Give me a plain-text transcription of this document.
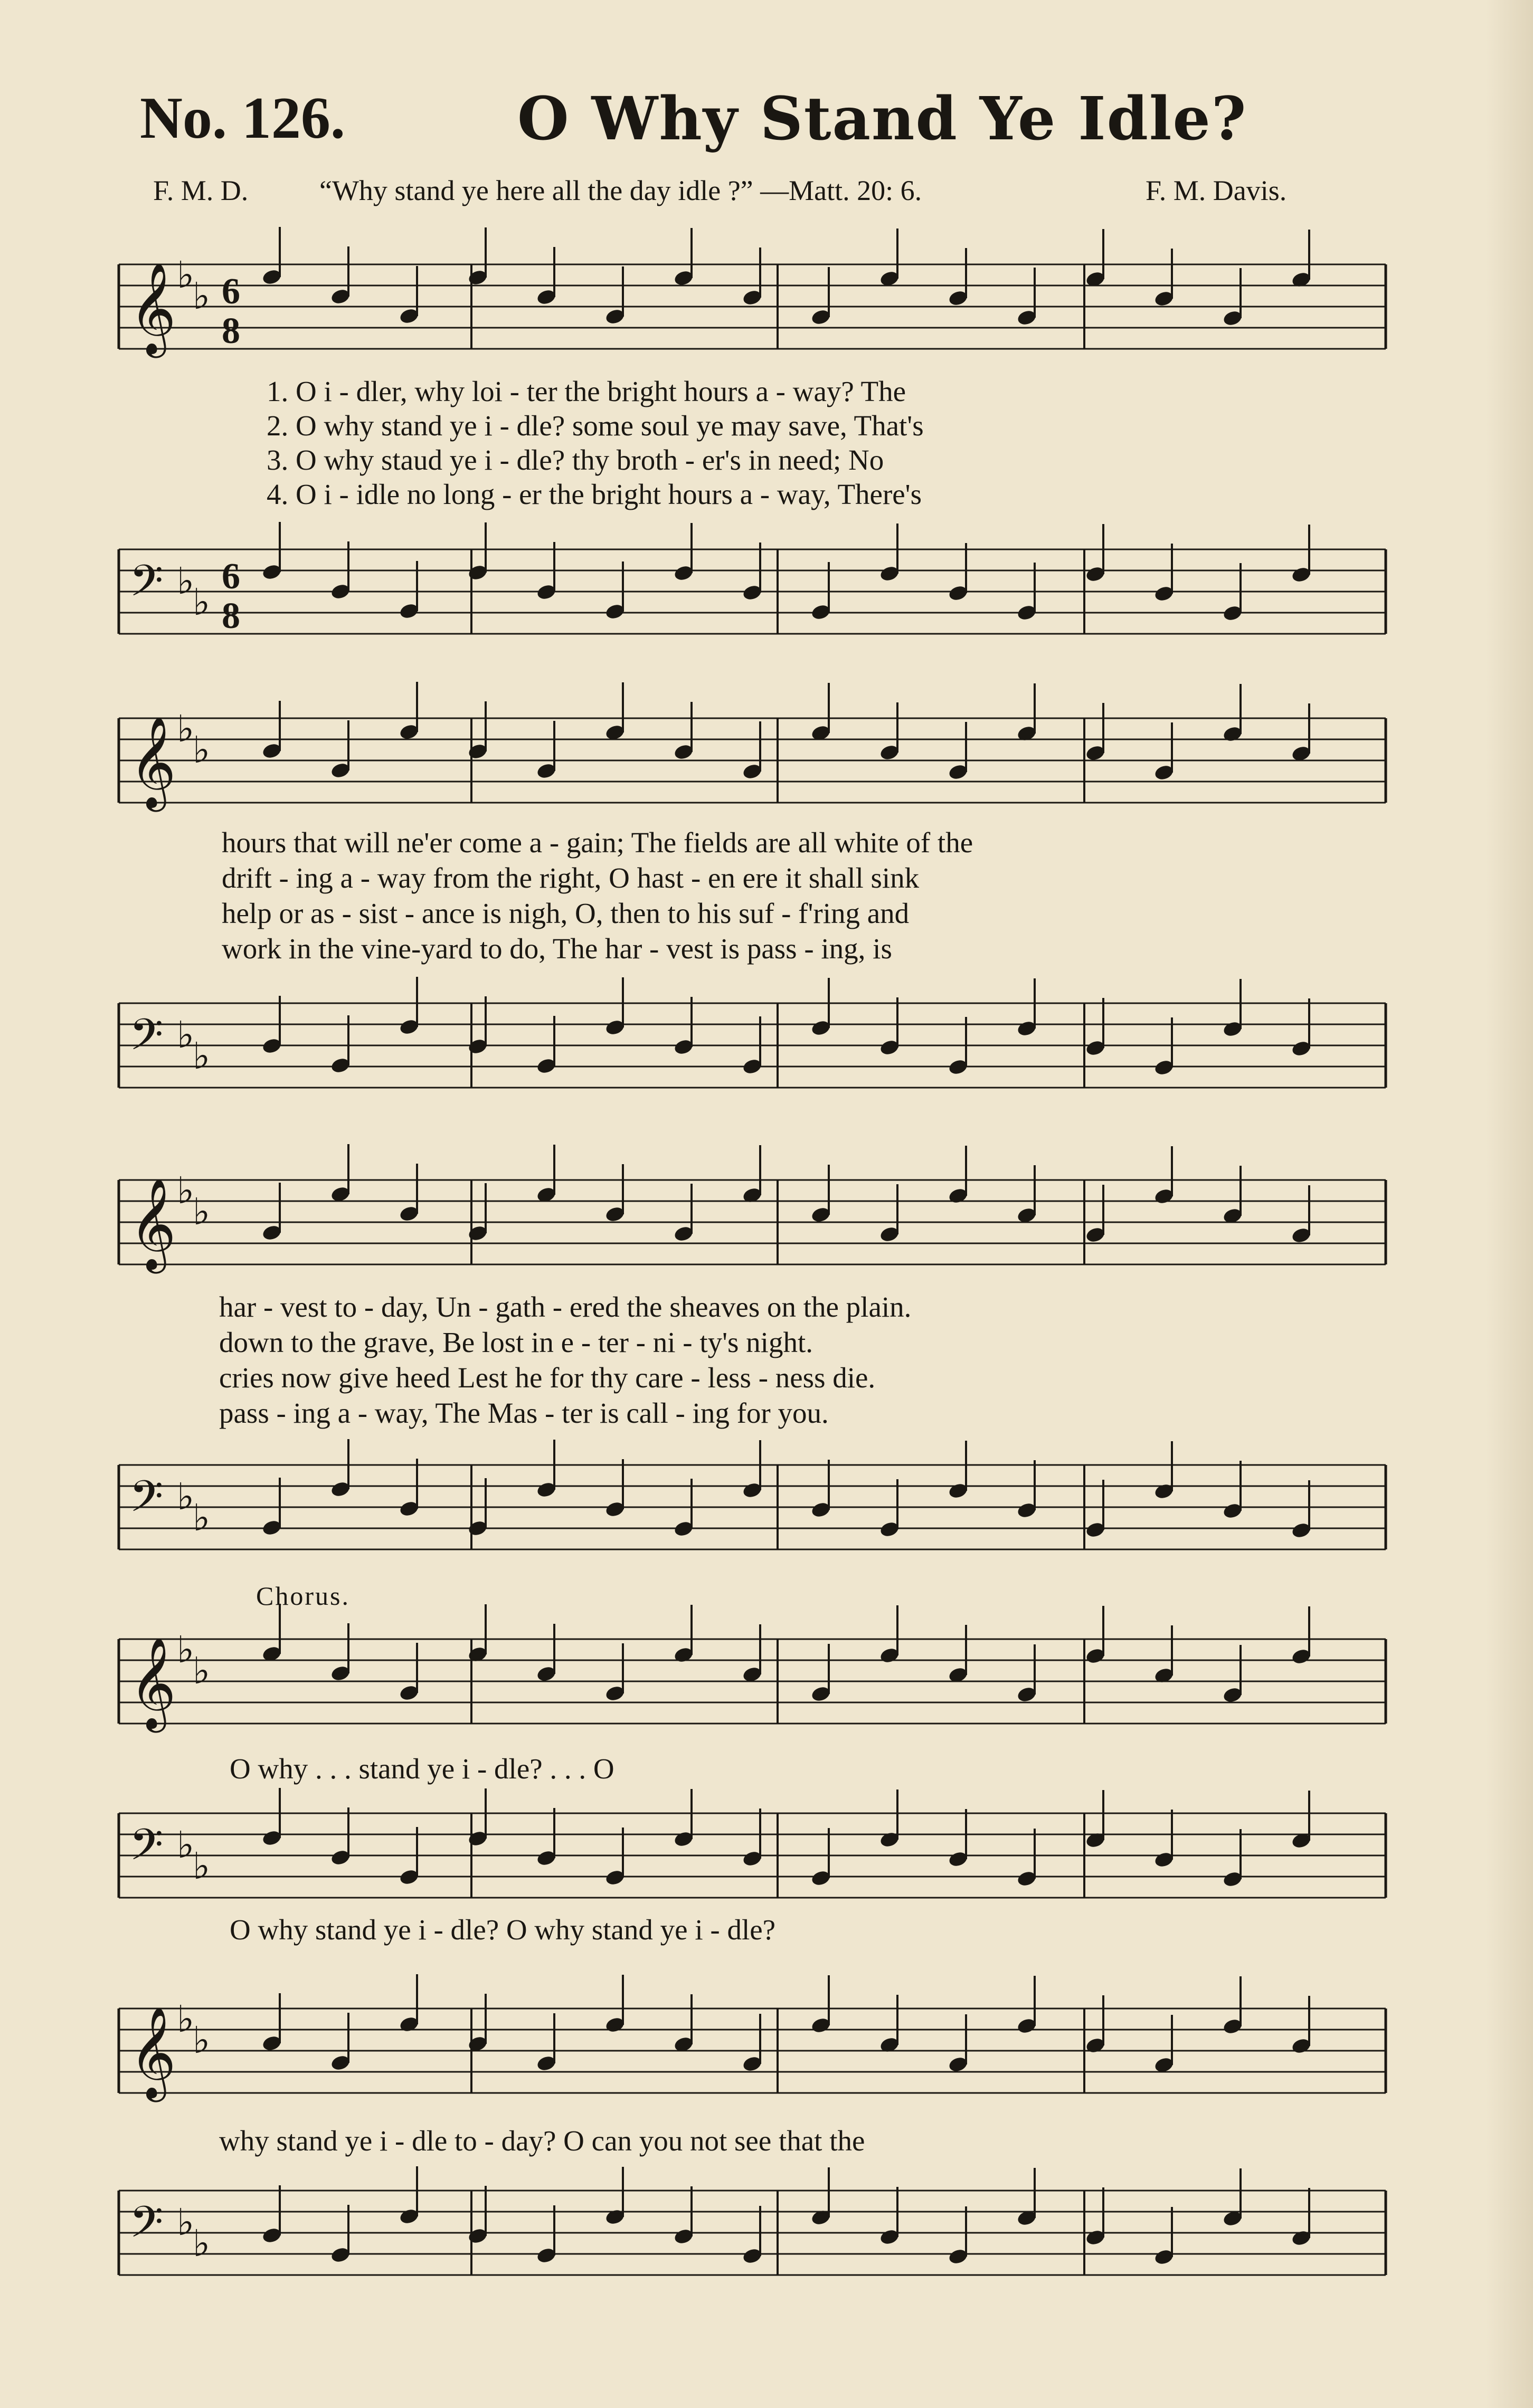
No. 126.	O Why Stand Ye Idle?
F. M. D. “Why stand ye here all the day idle ?” —Matt. 20: 6.	F. M. Davis.
𝄞 ♭
♭ 6
8
1. O i - dler, why loi - ter the bright hours a - way? The
2. O why stand ye i - dle? some soul ye may save, That's
3. O why staud ye i - dle? thy broth - er's in need; No
4. O i - idle no long - er the bright hours a - way, There's
𝄢 ♭
♭
6
8
𝄞 ♭
♭
hours that will ne'er come a - gain; The fields are all white of the
drift - ing a - way from the right, O hast - en ere it shall sink
help or as - sist - ance is nigh, O, then to his suf - f'ring and
work in the vine-yard to do, The har - vest is pass - ing, is
𝄢 ♭
♭
𝄞 ♭
♭
har - vest to - day, Un - gath - ered the sheaves on the plain.
down to the grave, Be lost in e - ter - ni - ty's night.
cries now give heed Lest he for thy care - less - ness die.
pass - ing a - way, The Mas - ter is call - ing for you.
𝄢 ♭
♭
Chorus.
𝄞 ♭
♭
O why . . . stand ye i - dle? . . . O
𝄢 ♭
♭
O why stand ye i - dle? O why stand ye i - dle?
𝄞 ♭
♭
why stand ye i - dle to - day? O can you not see that the
𝄢 ♭
♭
